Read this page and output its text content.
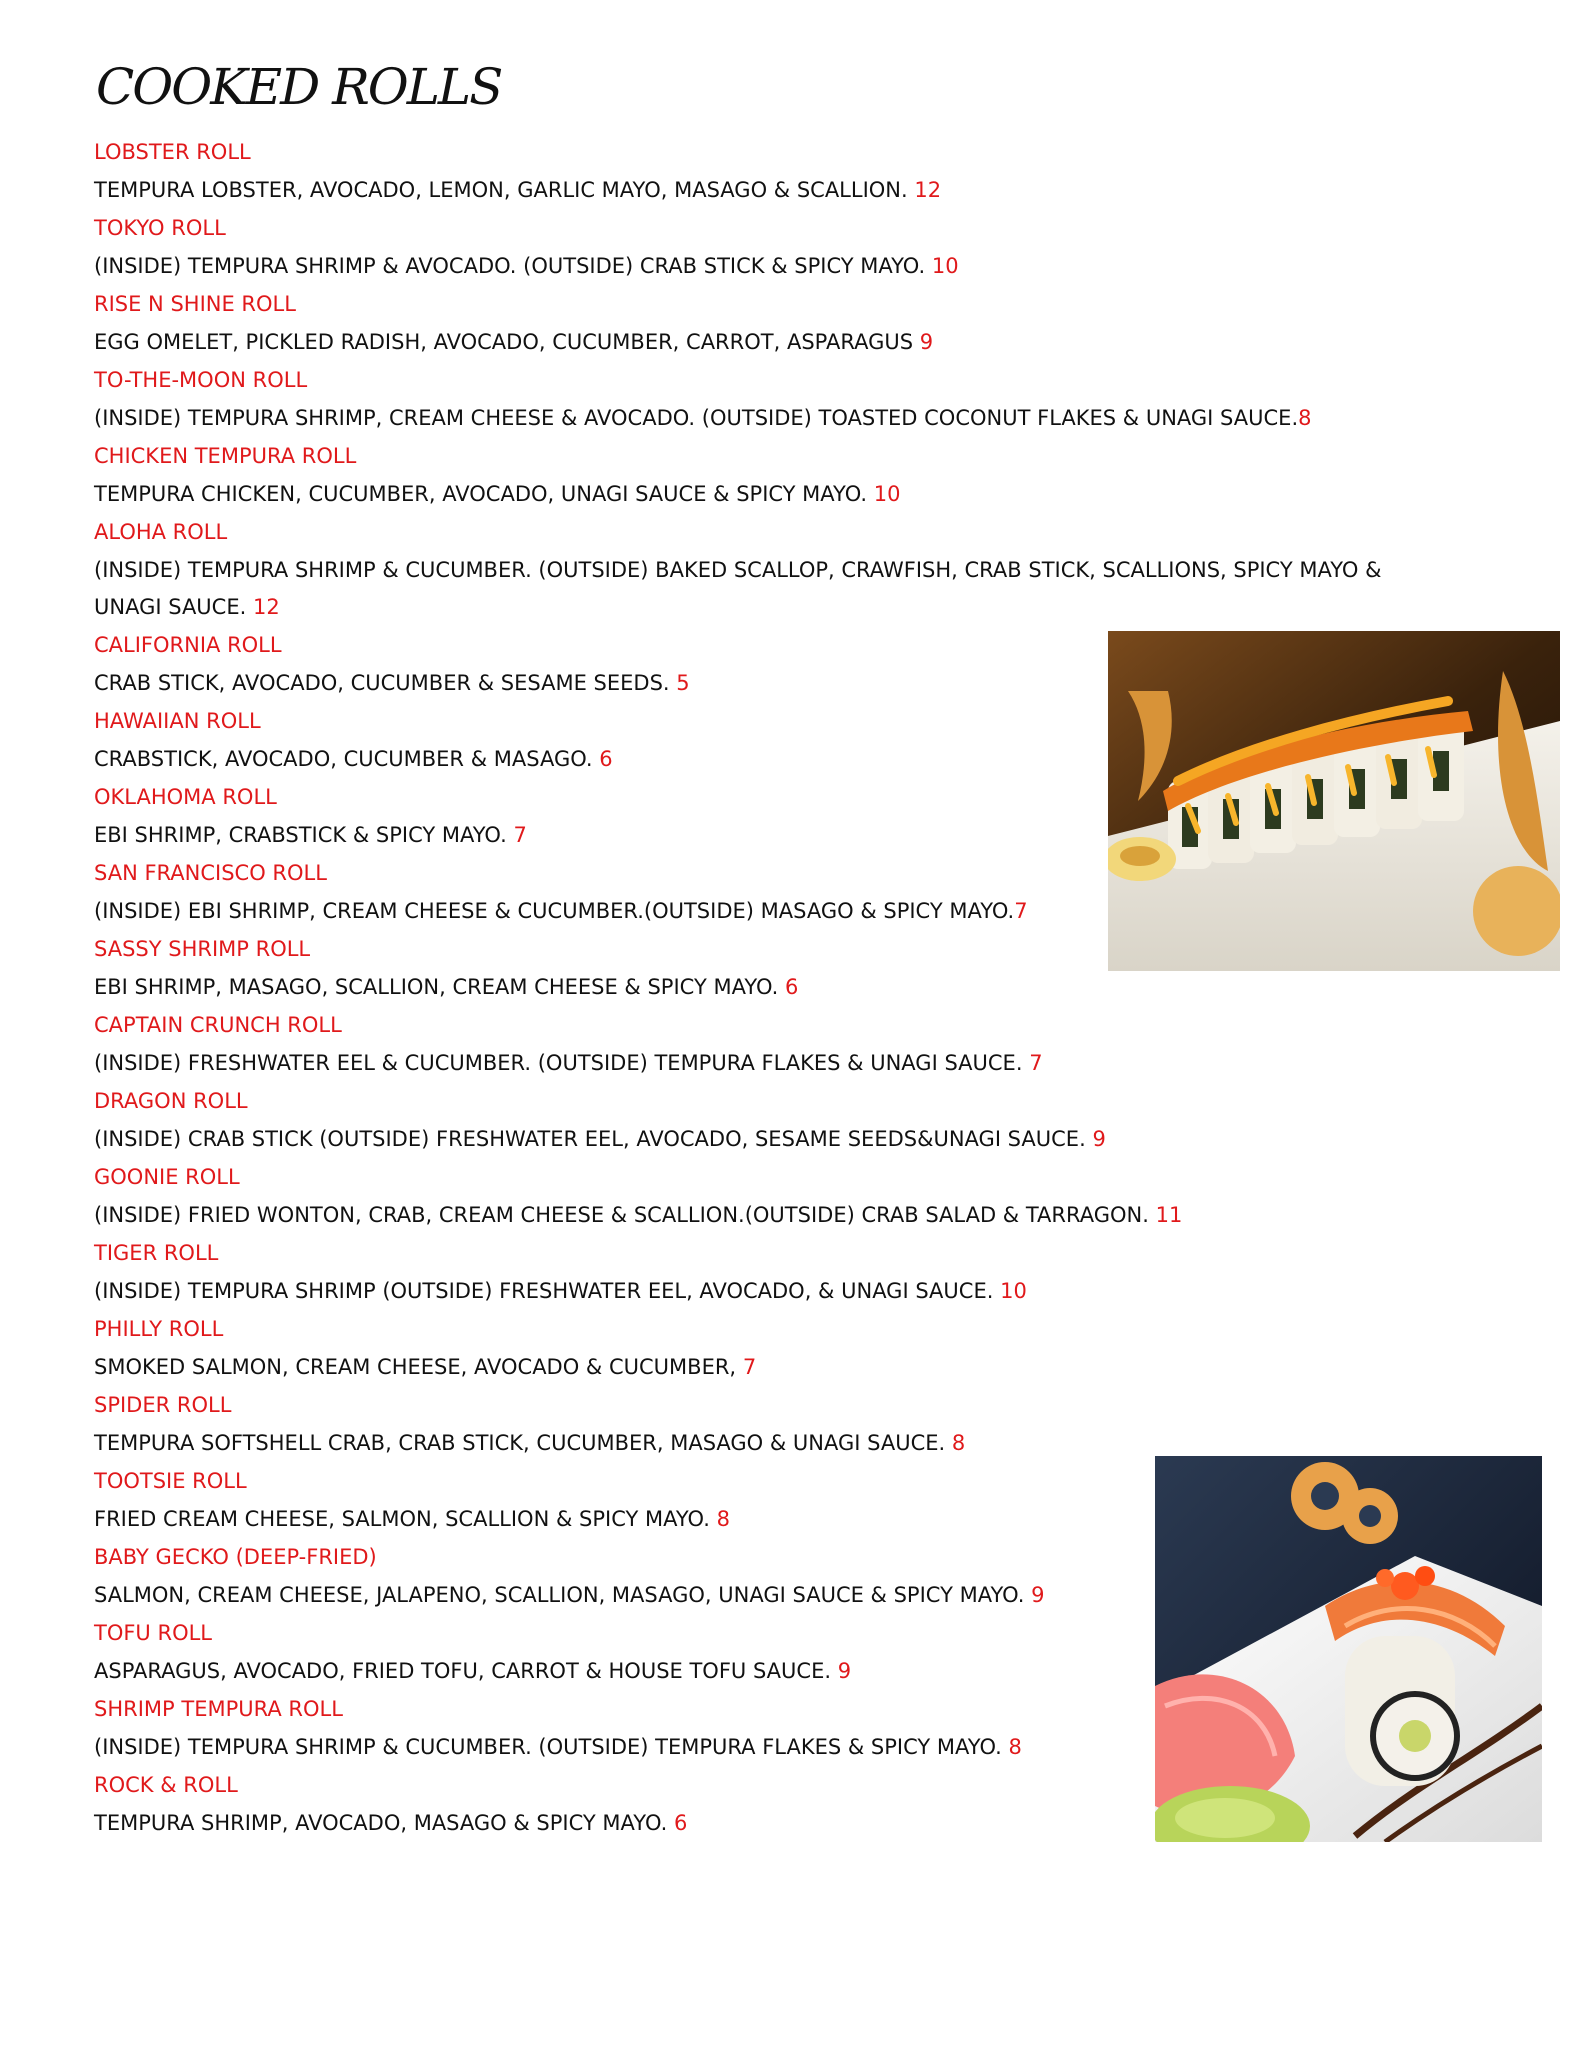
COOKED ROLLS
LOBSTER ROLL
TEMPURA LOBSTER, AVOCADO, LEMON, GARLIC MAYO, MASAGO & SCALLION. 12
TOKYO ROLL
(INSIDE) TEMPURA SHRIMP & AVOCADO. (OUTSIDE) CRAB STICK & SPICY MAYO. 10
RISE N SHINE ROLL
EGG OMELET, PICKLED RADISH, AVOCADO, CUCUMBER, CARROT, ASPARAGUS 9
TO-THE-MOON ROLL
(INSIDE) TEMPURA SHRIMP, CREAM CHEESE & AVOCADO. (OUTSIDE) TOASTED COCONUT FLAKES & UNAGI SAUCE.8
CHICKEN TEMPURA ROLL
TEMPURA CHICKEN, CUCUMBER, AVOCADO, UNAGI SAUCE & SPICY MAYO. 10
ALOHA ROLL
(INSIDE) TEMPURA SHRIMP & CUCUMBER. (OUTSIDE) BAKED SCALLOP, CRAWFISH, CRAB STICK, SCALLIONS, SPICY MAYO & UNAGI SAUCE. 12
CALIFORNIA ROLL
CRAB STICK, AVOCADO, CUCUMBER & SESAME SEEDS. 5
HAWAIIAN ROLL
CRABSTICK, AVOCADO, CUCUMBER & MASAGO. 6
OKLAHOMA ROLL
EBI SHRIMP, CRABSTICK & SPICY MAYO. 7
SAN FRANCISCO ROLL
(INSIDE) EBI SHRIMP, CREAM CHEESE & CUCUMBER.(OUTSIDE) MASAGO & SPICY MAYO.7
SASSY SHRIMP ROLL
EBI SHRIMP, MASAGO, SCALLION, CREAM CHEESE & SPICY MAYO. 6
CAPTAIN CRUNCH ROLL
(INSIDE) FRESHWATER EEL & CUCUMBER. (OUTSIDE) TEMPURA FLAKES & UNAGI SAUCE. 7
DRAGON ROLL
(INSIDE) CRAB STICK (OUTSIDE) FRESHWATER EEL, AVOCADO, SESAME SEEDS&UNAGI SAUCE. 9
GOONIE ROLL
(INSIDE) FRIED WONTON, CRAB, CREAM CHEESE & SCALLION.(OUTSIDE) CRAB SALAD & TARRAGON. 11
TIGER ROLL
(INSIDE) TEMPURA SHRIMP (OUTSIDE) FRESHWATER EEL, AVOCADO, & UNAGI SAUCE. 10
PHILLY ROLL
SMOKED SALMON, CREAM CHEESE, AVOCADO & CUCUMBER, 7
SPIDER ROLL
TEMPURA SOFTSHELL CRAB, CRAB STICK, CUCUMBER, MASAGO & UNAGI SAUCE. 8
TOOTSIE ROLL
FRIED CREAM CHEESE, SALMON, SCALLION & SPICY MAYO. 8
BABY GECKO (DEEP-FRIED)
SALMON, CREAM CHEESE, JALAPENO, SCALLION, MASAGO, UNAGI SAUCE & SPICY MAYO. 9
TOFU ROLL
ASPARAGUS, AVOCADO, FRIED TOFU, CARROT & HOUSE TOFU SAUCE. 9
SHRIMP TEMPURA ROLL
(INSIDE) TEMPURA SHRIMP & CUCUMBER. (OUTSIDE) TEMPURA FLAKES & SPICY MAYO. 8
ROCK & ROLL
TEMPURA SHRIMP, AVOCADO, MASAGO & SPICY MAYO. 6
